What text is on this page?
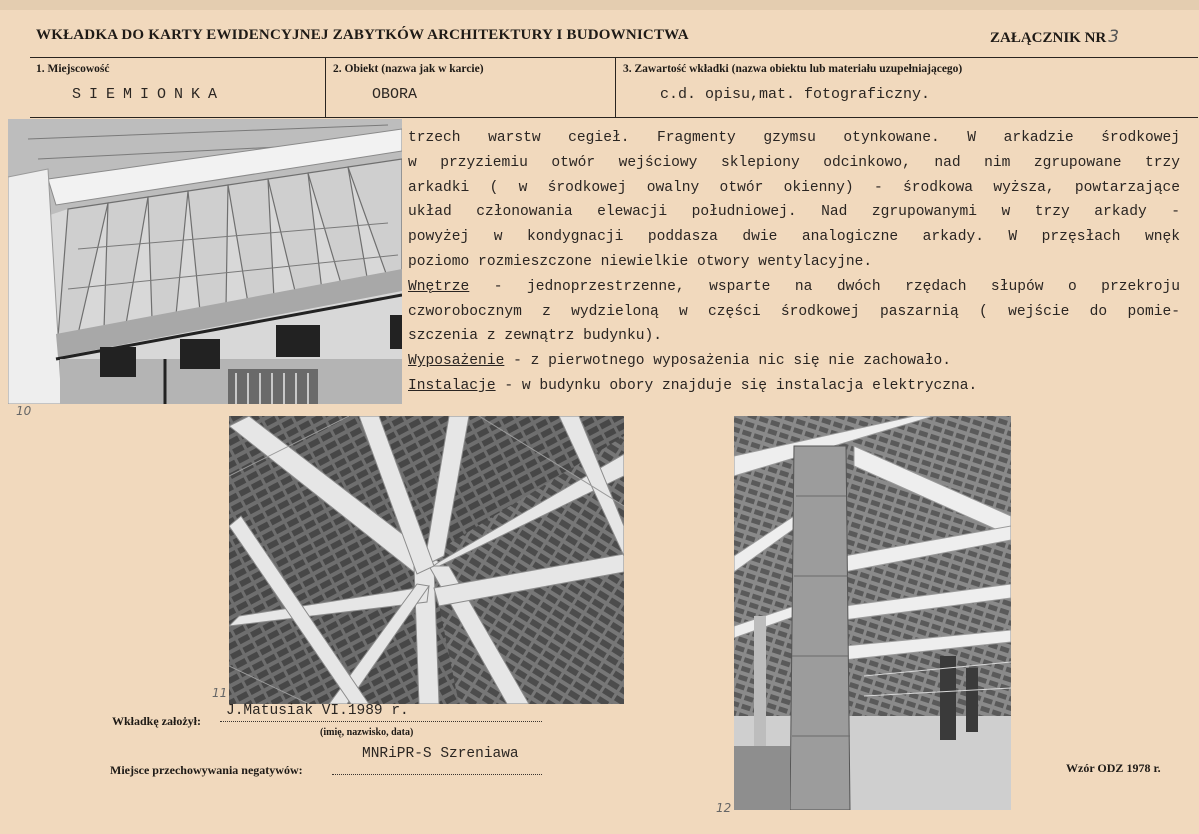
WKŁADKA DO KARTY EWIDENCYJNEJ ZABYTKÓW ARCHITEKTURY I BUDOWNICTWA	ZAŁĄCZNIK NR 3
1. Miejscowość
SIEMIONKA
2. Obiekt (nazwa jak w karcie)
OBORA
3. Zawartość wkładki (nazwa obiektu lub materiału uzupełniającego)
c.d. opisu,mat. fotograficzny.
10
trzech warstw cegieł. Fragmenty gzymsu otynkowane. W arkadzie środkowej
w przyziemiu otwór wejściowy sklepiony odcinkowo, nad nim zgrupowane trzy
arkadki ( w środkowej owalny otwór okienny) - środkowa wyższa, powtarzające
układ członowania elewacji południowej. Nad zgrupowanymi w trzy arkady -
powyżej w kondygnacji poddasza dwie analogiczne arkady. W przęsłach wnęk
poziomo rozmieszczone niewielkie otwory wentylacyjne.
Wnętrze - jednoprzestrzenne, wsparte na dwóch rzędach słupów o przekroju
czworobocznym z wydzieloną w części środkowej paszarnią ( wejście do pomie-
szczenia z zewnątrz budynku).
Wyposażenie - z pierwotnego wyposażenia nic się nie zachowało.
Instalacje - w budynku obory znajduje się instalacja elektryczna.
11
12
Wkładkę założył:
J.Matusiak VI.1989 r.
(imię, nazwisko, data)
Miejsce przechowywania negatywów:
MNRiPR-S Szreniawa
Wzór ODZ 1978 r.
